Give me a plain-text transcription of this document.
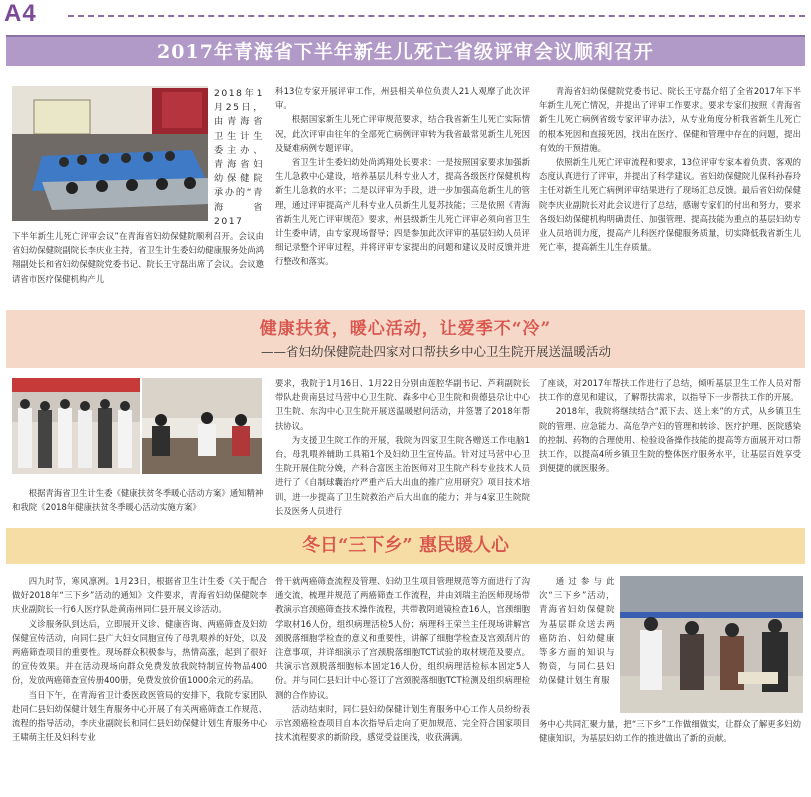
A4
2017年青海省下半年新生儿死亡省级评审会议顺利召开
2018年1月25日，由青海省卫生计生委主办、青海省妇幼保健院承办的“青海省2017
下半年新生儿死亡评审会议”在青海省妇幼保健院顺利召开。会议由省妇幼保健院副院长李庆业主持，省卫生计生委妇幼健康服务处尚鸿翔副处长和省妇幼保健院党委书记、院长王守磊出席了会议。会议邀请省市医疗保健机构产儿
科13位专家开展评审工作，州县相关单位负责人21人观摩了此次评审。

根据国家新生儿死亡评审规范要求，结合我省新生儿死亡实际情况，此次评审由往年的全部死亡病例评审转为我省最常见新生儿死因及疑难病例专题评审。

省卫生计生委妇幼处尚鸿翔处长要求：一是按照国家要求加强新生儿急救中心建设，培养基层儿科专业人才，提高各级医疗保健机构新生儿急救的水平；二是以评审为手段，进一步加强高危新生儿的管理，通过评审提高产儿科专业人员新生儿复苏技能；三是依照《青海省新生儿死亡评审规范》要求，州县级新生儿死亡评审必须向省卫生计生委申请，由专家现场督导；四是参加此次评审的基层妇幼人员评细记录整个评审过程，并将评审专家提出的问题和建议及时反馈并进行整改和落实。

青海省妇幼保健院党委书记、院长王守磊介绍了全省2017年下半年新生儿死亡情况，并提出了评审工作要求。要求专家们按照《青海省新生儿死亡病例省级专家评审办法》，从专业角度分析我省新生儿死亡的根本死因和直接死因，找出在医疗、保健和管理中存在的问题，提出有效的干预措施。

依照新生儿死亡评审流程和要求，13位评审专家本着负责、客观的态度认真进行了评审，并提出了科学建议。省妇幼保健院儿保科孙春玲主任对新生儿死亡病例评审结果进行了现场汇总反馈。最后省妇幼保健院李庆业副院长对此会议进行了总结，感谢专家们的付出和努力，要求各级妇幼保健机构明确责任、加强管理、提高技能为重点的基层妇幼专业人员培训力度，提高产儿科医疗保健服务质量，切实降低我省新生儿死亡率，提高新生儿生存质量。

健康扶贫，暖心活动，让爱季不“冷”
——省妇幼保健院赴四家对口帮扶乡中心卫生院开展送温暖活动
根据青海省卫生计生委《健康扶贫冬季暖心活动方案》通知精神和我院《2018年健康扶贫冬季暖心活动实施方案》
要求，我院于1月16日、1月22日分别由莲腔华副书记、芦莉副院长带队赴贵南县过马营中心卫生院、森多中心卫生院和贵德县尕让中心卫生院、东沟中心卫生院开展送温暖慰问活动，并签署了2018年帮扶协议。

为支援卫生院工作的开展，我院为四家卫生院各赠送工作电脑1台，母乳喂养辅助工具箱1个及妇幼卫生宣传品。针对过马营中心卫生院开展住院分娩，产科合富医主治医师对卫生院产科专业技术人员进行了《自制球囊治疗严重产后大出血的推广应用研究》项目技术培训，进一步提高了卫生院救治产后大出血的能力；并与4家卫生院院长及医务人员进行

了座谈，对2017年帮扶工作进行了总结，倾听基层卫生工作人员对帮扶工作的意见和建议，了解帮扶需求，以指导下一步帮扶工作的开展。

2018年，我院将继续结合“派下去、送上来”的方式，从乡镇卫生院的管理、应急能力、高危孕产妇的管理和转诊、医疗护理、医院感染的控制、药物的合理使用、检验设备操作技能的提高等方面展开对口帮扶工作，以提高4所乡镇卫生院的整体医疗服务水平，让基层百姓享受到便捷的就医服务。

冬日“三下乡” 惠民暖人心

四九时节，寒风凛冽。1月23日，根据省卫生计生委《关于配合做好2018年“三下乡”活动的通知》文件要求，青海省妇幼保健院李庆业副院长一行6人医疗队赴黄南州同仁县开展义诊活动。

义诊服务队到达后，立即展开义诊、健康咨询、两癌筛查及妇幼保健宣传活动，向同仁县广大妇女同胞宣传了母乳喂养的好处，以及两癌筛查项目的重要性。现场群众积极参与，热情高涨，起到了很好的宣传效果。并在活动现场向群众免费发放我院特制宣传物品400份，发放两癌筛查宣传册400册，免费发放价值1000余元的药品。

当日下午，在青海省卫计委医政医管局的安排下，我院专家团队赴同仁县妇幼保健计划生育服务中心开展了有关两癌筛查工作规范、流程的指导活动，李庆业副院长和同仁县妇幼保健计划生育服务中心王啸萌主任及妇科专业

骨干就两癌筛查流程及管理、妇幼卫生项目管理规范等方面进行了沟通交流，梳理并规范了两癌筛查工作流程，并由刘瑞主治医师现场带教演示宫颈癌筛查技术操作流程，共带教阴道镜检查16人，宫颈细胞学取材16人份，组织病理活检5人份；病理科王荣兰主任现场讲解宫颈脱落细胞学检查的意义和重要性，讲解了细胞学检查及宫颈刮片的注意事项，并详细演示了宫颈脱落细胞TCT试验的取材规范及要点。共演示宫颈脱落细胞标本固定16人份，组织病理活检标本固定5人份。并与同仁县妇计中心签订了宫颈脱落细胞TCT检测及组织病理检测的合作协议。

活动结束时，同仁县妇幼保健计划生育服务中心工作人员纷纷表示宫颈癌检查项目自本次指导后走向了更加规范、完全符合国家项目技术流程要求的新阶段，感觉受益匪浅，收获满满。

通过参与此次“三下乡”活动，青海省妇幼保健院为基层群众送去两癌防治、妇幼健康等多方面的知识与物资，与同仁县妇幼保健计划生育服
务中心共同汇聚力量，把“三下乡”工作做细做实，让群众了解更多妇幼健康知识，为基层妇幼工作的推进做出了新的贡献。
